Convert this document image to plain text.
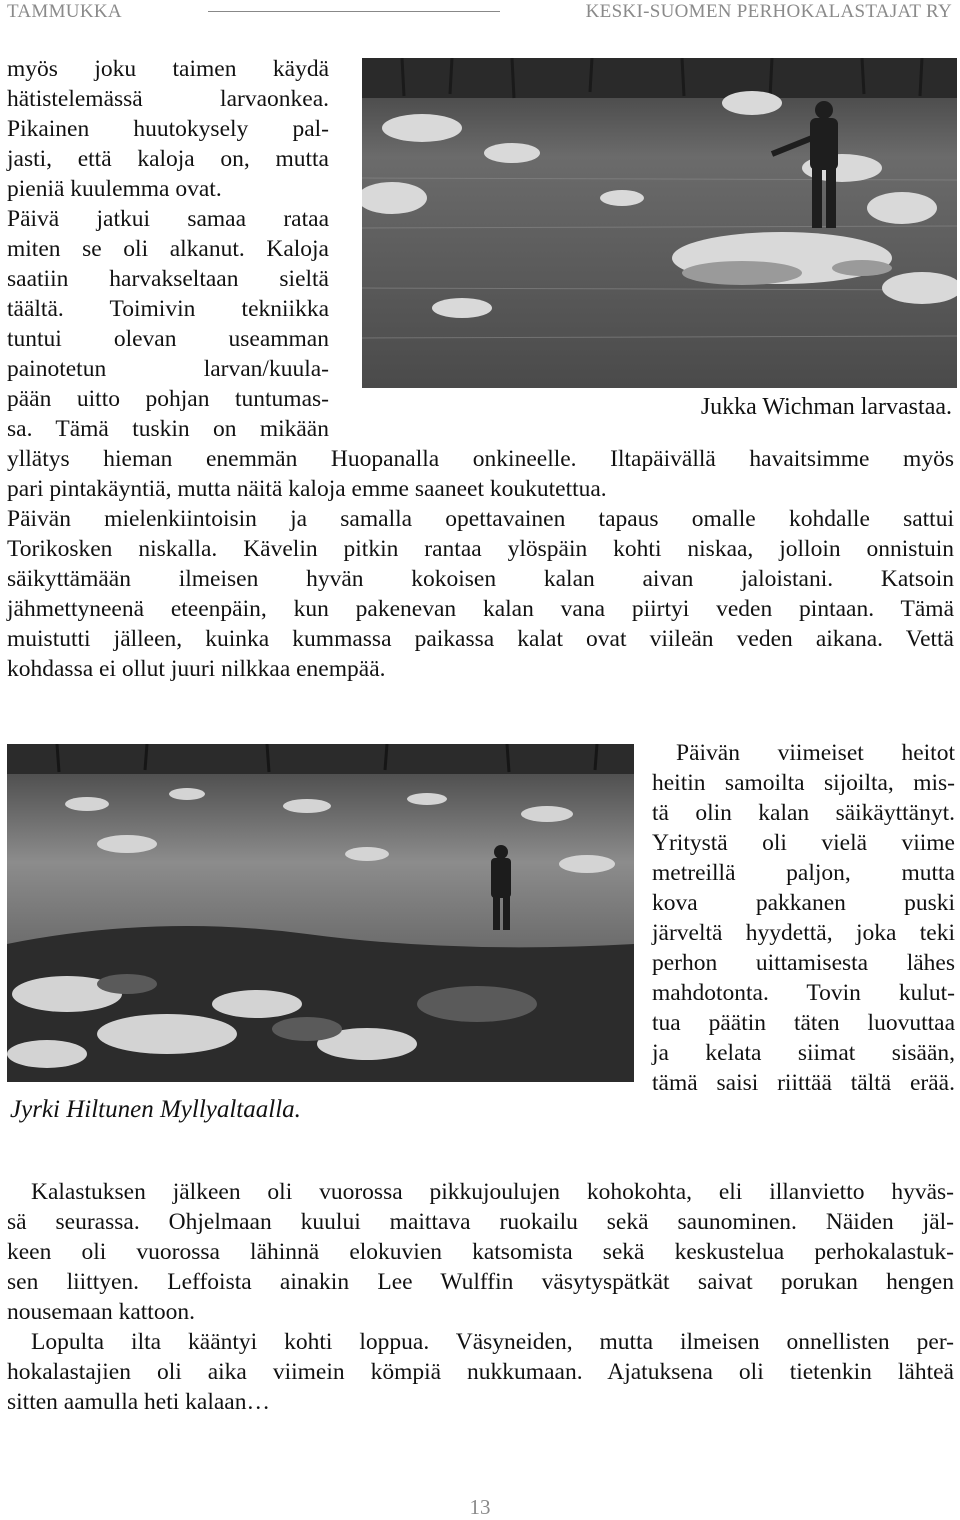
TAMMUKKA	KESKI-SUOMEN PERHOKALASTAJAT RY
myös joku taimen käydä
hätistelemässä larvaonkea.
Pikainen huutokysely pal-
jasti, että kaloja on, mutta
pieniä kuulemma ovat.
Päivä jatkui samaa rataa
miten se oli alkanut. Kaloja
saatiin harvakseltaan sieltä
täältä. Toimivin tekniikka
tuntui olevan useamman
painotetun larvan/kuula-
pään uitto pohjan tuntumas-
sa. Tämä tuskin on mikään
Jukka Wichman larvastaa.
yllätys hieman enemmän Huopanalla onkineelle. Iltapäivällä havaitsimme myös
pari pintakäyntiä, mutta näitä kaloja emme saaneet koukutettua.
Päivän mielenkiintoisin ja samalla opettavainen tapaus omalle kohdalle sattui
Torikosken niskalla. Kävelin pitkin rantaa ylöspäin kohti niskaa, jolloin onnistuin
säikyttämään ilmeisen hyvän kokoisen kalan aivan jaloistani. Katsoin
jähmettyneenä eteenpäin, kun pakenevan kalan vana piirtyi veden pintaan. Tämä
muistutti jälleen, kuinka kummassa paikassa kalat ovat viileän veden aikana. Vettä
kohdassa ei ollut juuri nilkkaa enempää.
Jyrki Hiltunen Myllyaltaalla.
Päivän viimeiset heitot
heitin samoilta sijoilta, mis-
tä olin kalan säikäyttänyt.
Yritystä oli vielä viime
metreillä paljon, mutta
kova pakkanen puski
järveltä hyydettä, joka teki
perhon uittamisesta lähes
mahdotonta. Tovin kulut-
tua päätin täten luovuttaa
ja kelata siimat sisään,
tämä saisi riittää tältä erää.
Kalastuksen jälkeen oli vuorossa pikkujoulujen kohokohta, eli illanvietto hyväs-
sä seurassa. Ohjelmaan kuului maittava ruokailu sekä saunominen. Näiden jäl-
keen oli vuorossa lähinnä elokuvien katsomista sekä keskustelua perhokalastuk-
sen liittyen. Leffoista ainakin Lee Wulffin väsytyspätkät saivat porukan hengen
nousemaan kattoon.
Lopulta ilta kääntyi kohti loppua. Väsyneiden, mutta ilmeisen onnellisten per-
hokalastajien oli aika viimein kömpiä nukkumaan. Ajatuksena oli tietenkin lähteä
sitten aamulla heti kalaan…
13
